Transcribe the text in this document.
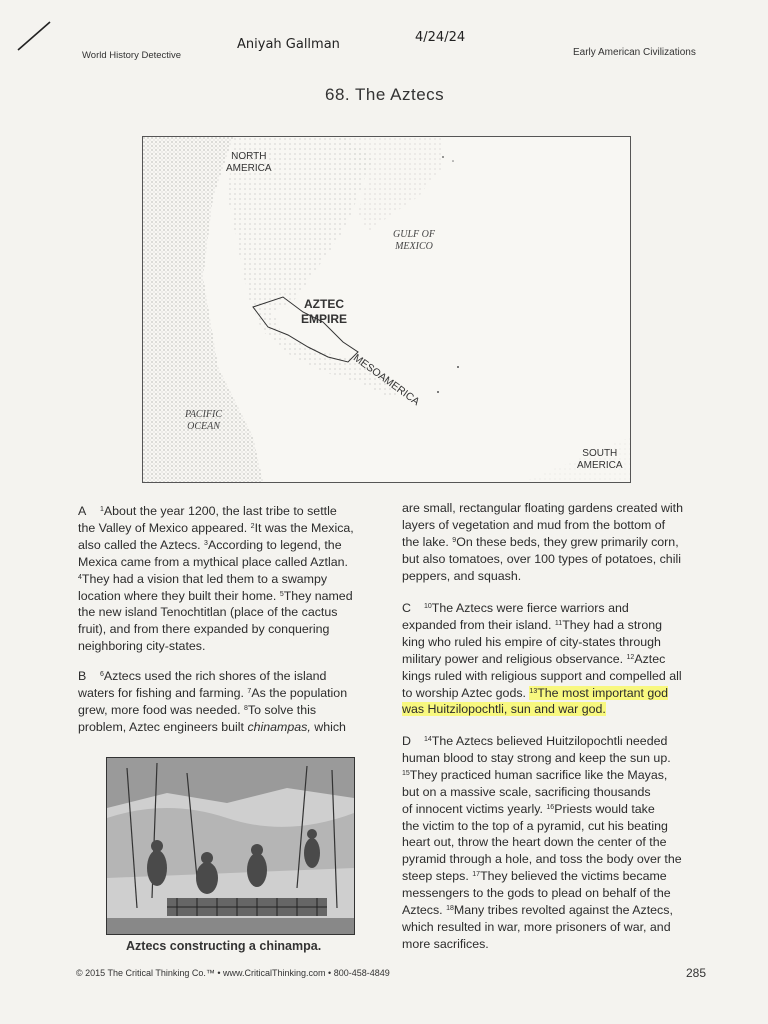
Aniyah Gallman	4/24/24
World History Detective	Early American Civilizations
68. The Aztecs
NORTH
AMERICA
GULF OF
MEXICO
AZTEC
EMPIRE
MESOAMERICA
PACIFIC
OCEAN
SOUTH
AMERICA
A $^1$About the year 1200, the last tribe to settle
the Valley of Mexico appeared. $^2$It was the Mexica,
also called the Aztecs. $^3$According to legend, the
Mexica came from a mythical place called Aztlan.
$^4$They had a vision that led them to a swampy
location where they built their home. $^5$They named
the new island Tenochtitlan (place of the cactus
fruit), and from there expanded by conquering
neighboring city-states.
B $^6$Aztecs used the rich shores of the island
waters for fishing and farming. $^7$As the population
grew, more food was needed. $^8$To solve this
problem, Aztec engineers built chinampas, which
Aztecs constructing a chinampa.
are small, rectangular floating gardens created with
layers of vegetation and mud from the bottom of
the lake. $^9$On these beds, they grew primarily corn,
but also tomatoes, over 100 types of potatoes, chili
peppers, and squash.
C $^{10}$The Aztecs were fierce warriors and
expanded from their island. $^{11}$They had a strong
king who ruled his empire of city-states through
military power and religious observance. $^{12}$Aztec
kings ruled with religious support and compelled all
to worship Aztec gods. $^{13}$The most important god
was Huitzilopochtli, sun and war god.
D $^{14}$The Aztecs believed Huitzilopochtli needed
human blood to stay strong and keep the sun up.
$^{15}$They practiced human sacrifice like the Mayas,
but on a massive scale, sacrificing thousands
of innocent victims yearly. $^{16}$Priests would take
the victim to the top of a pyramid, cut his beating
heart out, throw the heart down the center of the
pyramid through a hole, and toss the body over the
steep steps. $^{17}$They believed the victims became
messengers to the gods to plead on behalf of the
Aztecs. $^{18}$Many tribes revolted against the Aztecs,
which resulted in war, more prisoners of war, and
more sacrifices.
© 2015 The Critical Thinking Co.™ • www.CriticalThinking.com • 800-458-4849	285
